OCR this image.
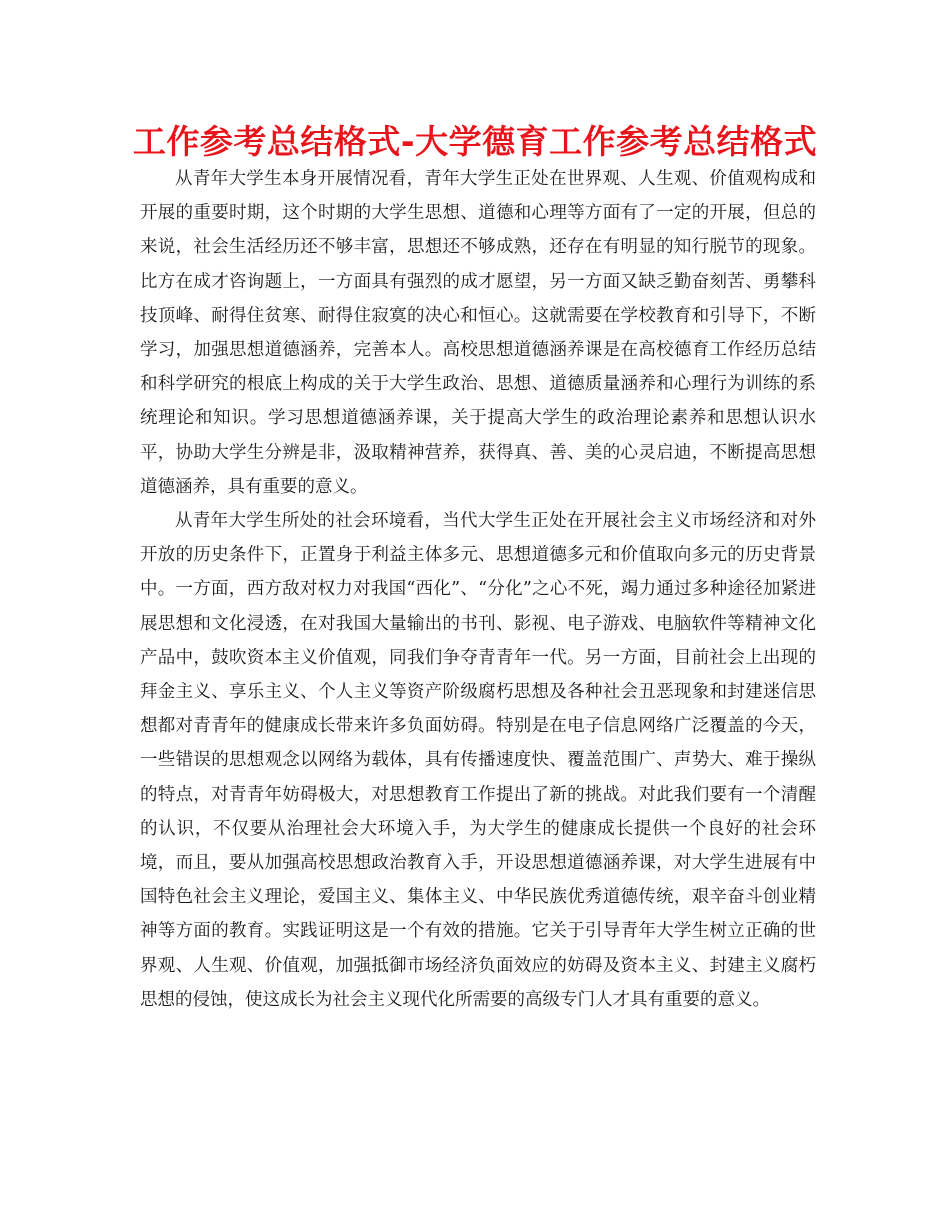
工作参考总结格式-大学德育工作参考总结格式

从青年大学生本身开展情况看，青年大学生正处在世界观、人生观、价值观构成和开展的重要时期，这个时期的大学生思想、道德和心理等方面有了一定的开展，但总的来说，社会生活经历还不够丰富，思想还不够成熟，还存在有明显的知行脱节的现象。比方在成才咨询题上，一方面具有强烈的成才愿望，另一方面又缺乏勤奋刻苦、勇攀科技顶峰、耐得住贫寒、耐得住寂寞的决心和恒心。这就需要在学校教育和引导下，不断学习，加强思想道德涵养，完善本人。高校思想道德涵养课是在高校德育工作经历总结和科学研究的根底上构成的关于大学生政治、思想、道德质量涵养和心理行为训练的系统理论和知识。学习思想道德涵养课，关于提高大学生的政治理论素养和思想认识水平，协助大学生分辨是非，汲取精神营养，获得真、善、美的心灵启迪，不断提高思想道德涵养，具有重要的意义。

从青年大学生所处的社会环境看，当代大学生正处在开展社会主义市场经济和对外开放的历史条件下，正置身于利益主体多元、思想道德多元和价值取向多元的历史背景中。一方面，西方敌对权力对我国“西化”、“分化”之心不死，竭力通过多种途径加紧进展思想和文化浸透，在对我国大量输出的书刊、影视、电子游戏、电脑软件等精神文化产品中，鼓吹资本主义价值观，同我们争夺青青年一代。另一方面，目前社会上出现的拜金主义、享乐主义、个人主义等资产阶级腐朽思想及各种社会丑恶现象和封建迷信思想都对青青年的健康成长带来许多负面妨碍。特别是在电子信息网络广泛覆盖的今天，一些错误的思想观念以网络为载体，具有传播速度快、覆盖范围广、声势大、难于操纵的特点，对青青年妨碍极大，对思想教育工作提出了新的挑战。对此我们要有一个清醒的认识，不仅要从治理社会大环境入手，为大学生的健康成长提供一个良好的社会环境，而且，要从加强高校思想政治教育入手，开设思想道德涵养课，对大学生进展有中国特色社会主义理论，爱国主义、集体主义、中华民族优秀道德传统，艰辛奋斗创业精神等方面的教育。实践证明这是一个有效的措施。它关于引导青年大学生树立正确的世界观、人生观、价值观，加强抵御市场经济负面效应的妨碍及资本主义、封建主义腐朽思想的侵蚀，使这成长为社会主义现代化所需要的高级专门人才具有重要的意义。
